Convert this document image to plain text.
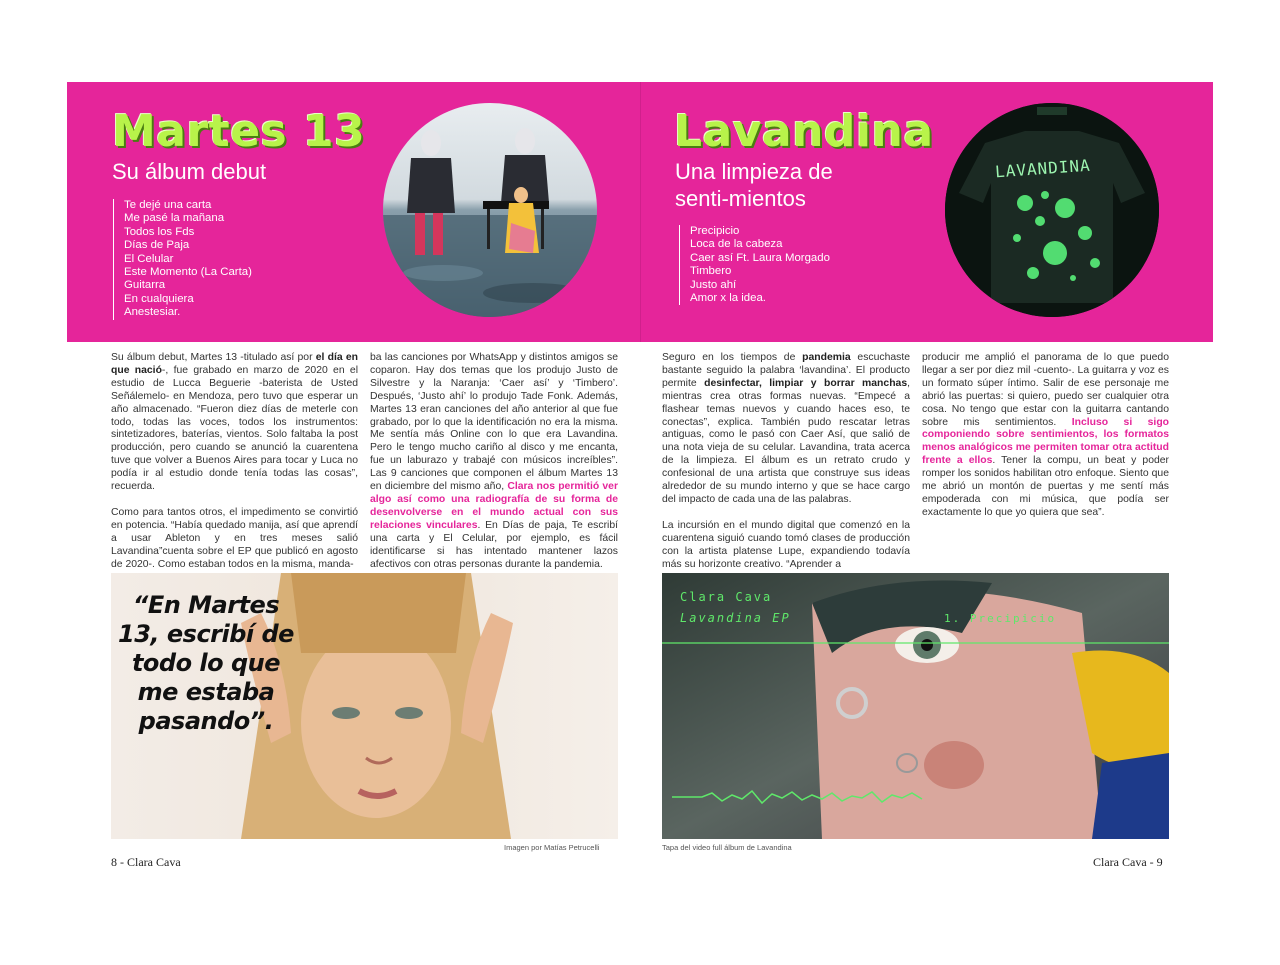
Martes 13
Su álbum debut
Te dejé una carta
Me pasé la mañana
Todos los Fds
Días de Paja
El Celular
Este Momento (La Carta)
Guitarra
En cualquiera
Anestesiar.
Lavandina
Una limpieza de senti-mientos
Precipicio
Loca de la cabeza
Caer así Ft. Laura Morgado
Timbero
Justo ahí
Amor x la idea.
LAVANDINA

Su álbum debut, Martes 13 -titulado así por el día en que nació-, fue grabado en marzo de 2020 en el estudio de Lucca Beguerie -baterista de Usted Señálemelo- en Mendoza, pero tuvo que esperar un año almacenado. “Fueron diez días de meterle con todo, todas las voces, todos los instrumentos: sintetizadores, baterías, vientos. Solo faltaba la post producción, pero cuando se anunció la cuarentena tuve que volver a Buenos Aires para tocar y Luca no podía ir al estudio donde tenía todas las cosas”, recuerda.

Como para tantos otros, el impedimento se convirtió en potencia. “Había quedado manija, así que aprendí a usar Ableton y en tres meses salió Lavandina”cuenta sobre el EP que publicó en agosto de 2020-. Como estaban todos en la misma, manda-

ba las canciones por WhatsApp y distintos amigos se coparon. Hay dos temas que los produjo Justo de Silvestre y la Naranja: ‘Caer así’ y ‘Timbero’. Después, ‘Justo ahí’ lo produjo Tade Fonk. Además, Martes 13 eran canciones del año anterior al que fue grabado, por lo que la identificación no era la misma. Me sentía más Online con lo que era Lavandina. Pero le tengo mucho cariño al disco y me encanta, fue un laburazo y trabajé con músicos increíbles”. Las 9 canciones que componen el álbum Martes 13 en diciembre del mismo año, Clara nos permitió ver algo así como una radiografía de su forma de desenvolverse en el mundo actual con sus relaciones vinculares. En Días de paja, Te escribí una carta y El Celular, por ejemplo, es fácil identificarse si has intentado mantener lazos afectivos con otras personas durante la pandemia.

Seguro en los tiempos de pandemia escuchaste bastante seguido la palabra ‘lavandina’. El producto permite desinfectar, limpiar y borrar manchas, mientras crea otras formas nuevas. “Empecé a flashear temas nuevos y cuando haces eso, te conectas”, explica. También pudo rescatar letras antiguas, como le pasó con Caer Así, que salió de una nota vieja de su celular. Lavandina, trata acerca de la limpieza. El álbum es un retrato crudo y confesional de una artista que construye sus ideas alrededor de su mundo interno y que se hace cargo del impacto de cada una de las palabras.

La incursión en el mundo digital que comenzó en la cuarentena siguió cuando tomó clases de producción con la artista platense Lupe, expandiendo todavía más su horizonte creativo. “Aprender a

producir me amplió el panorama de lo que puedo llegar a ser por diez mil -cuento-. La guitarra y voz es un formato súper íntimo. Salir de ese personaje me abrió las puertas: si quiero, puedo ser cualquier otra cosa. No tengo que estar con la guitarra cantando sobre mis sentimientos. Incluso si sigo componiendo sobre sentimientos, los formatos menos analógicos me permiten tomar otra actitud frente a ellos. Tener la compu, un beat y poder romper los sonidos habilitan otro enfoque. Siento que me abrió un montón de puertas y me sentí más empoderada con mi música, que podía ser exactamente lo que yo quiera que sea”.

“En Martes 13, escribí de todo lo que me estaba pasando”.
Imagen por Matías Petrucelli
Clara Cava
Lavandina EP	1. Precipicio
Tapa del video full álbum de Lavandina
8 - Clara Cava	Clara Cava - 9
